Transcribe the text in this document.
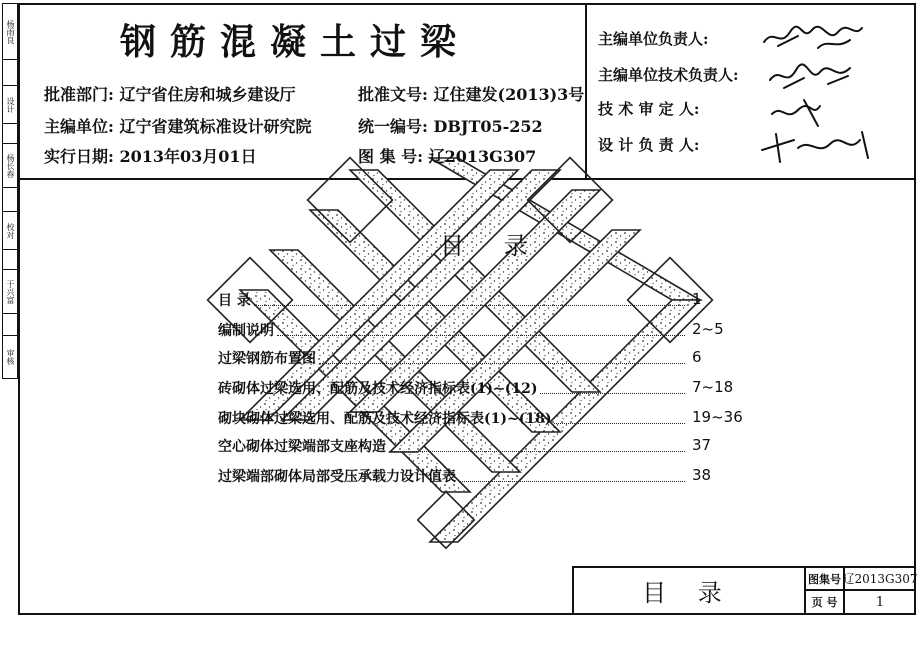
杨雨良
设计
杨长春
校对
于兴富
审核
钢筋混凝土过梁
批准部门: 辽宁省住房和城乡建设厅
主编单位: 辽宁省建筑标准设计研究院
实行日期: 2013年03月01日
批准文号: 辽住建发(2013)3号
统一编号: DBJT05-252
图 集 号: 辽2013G307
主编单位负责人:
主编单位技术负责人:
技 术 审 定 人:
设 计 负 责 人:
目 录
目 录	1
编制说明	2~5
过梁钢筋布置图	6
砖砌体过梁选用、配筋及技术经济指标表(1)~(12)	7~18
砌块砌体过梁选用、配筋及技术经济指标表(1)~(18)	19~36
空心砌体过梁端部支座构造	37
过梁端部砌体局部受压承载力设计值表	38
目 录	图集号 辽2013G307
页 号	1
